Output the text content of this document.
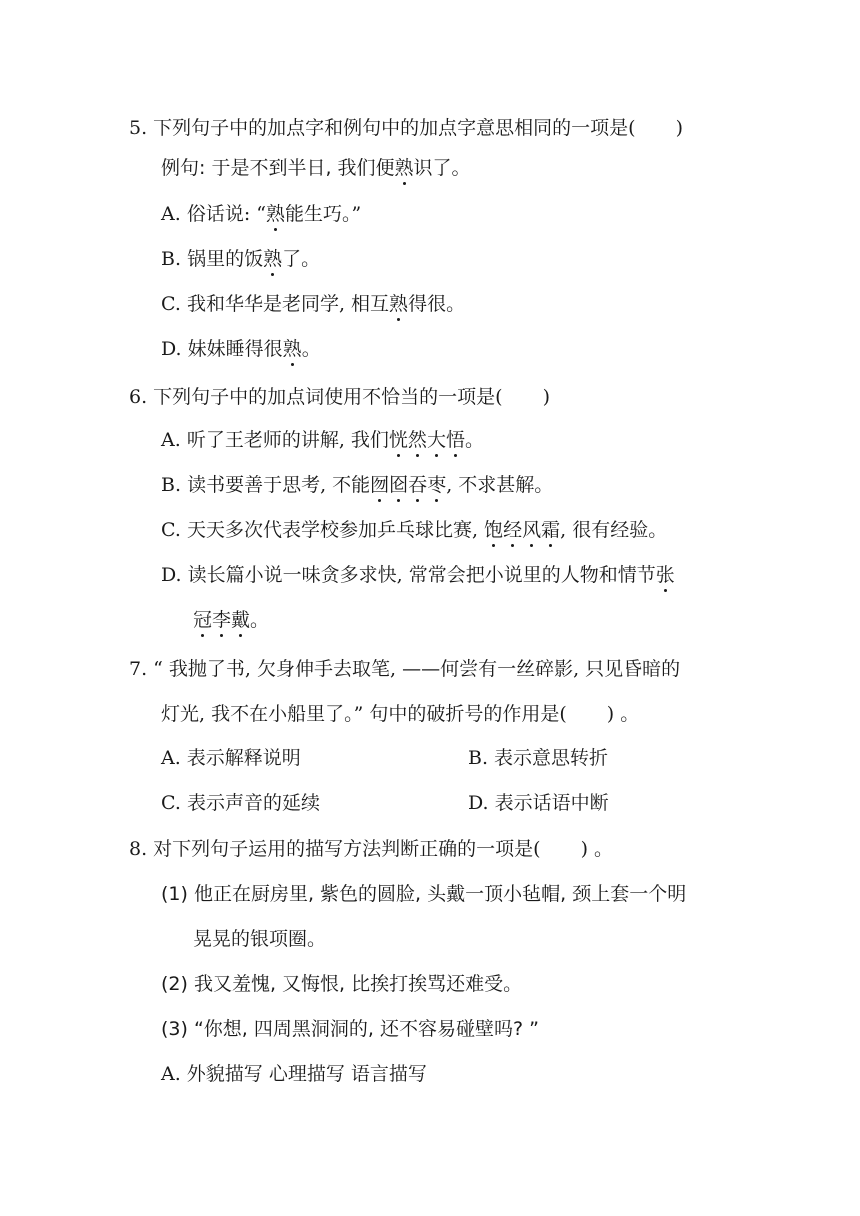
5. 下列句子中的加点字和例句中的加点字意思相同的一项是( )
例句: 于是不到半日, 我们便熟识了。
A. 俗话说: “熟能生巧。”
B. 锅里的饭熟了。
C. 我和华华是老同学, 相互熟得很。
D. 妹妹睡得很熟。
6. 下列句子中的加点词使用不恰当的一项是( )
A. 听了王老师的讲解, 我们恍然大悟。
B. 读书要善于思考, 不能囫囵吞枣, 不求甚解。
C. 天天多次代表学校参加乒乓球比赛, 饱经风霜, 很有经验。
D. 读长篇小说一味贪多求快, 常常会把小说里的人物和情节张
冠李戴。
7. “ 我抛了书, 欠身伸手去取笔, ——何尝有一丝碎影, 只见昏暗的
灯光, 我不在小船里了。” 句中的破折号的作用是( ) 。
A. 表示解释说明	B. 表示意思转折
C. 表示声音的延续	D. 表示话语中断
8. 对下列句子运用的描写方法判断正确的一项是( ) 。
(1) 他正在厨房里, 紫色的圆脸, 头戴一顶小毡帽, 颈上套一个明
晃晃的银项圈。
(2) 我又羞愧, 又悔恨, 比挨打挨骂还难受。
(3) “你想, 四周黑洞洞的, 还不容易碰壁吗? ”
A. 外貌描写 心理描写 语言描写
